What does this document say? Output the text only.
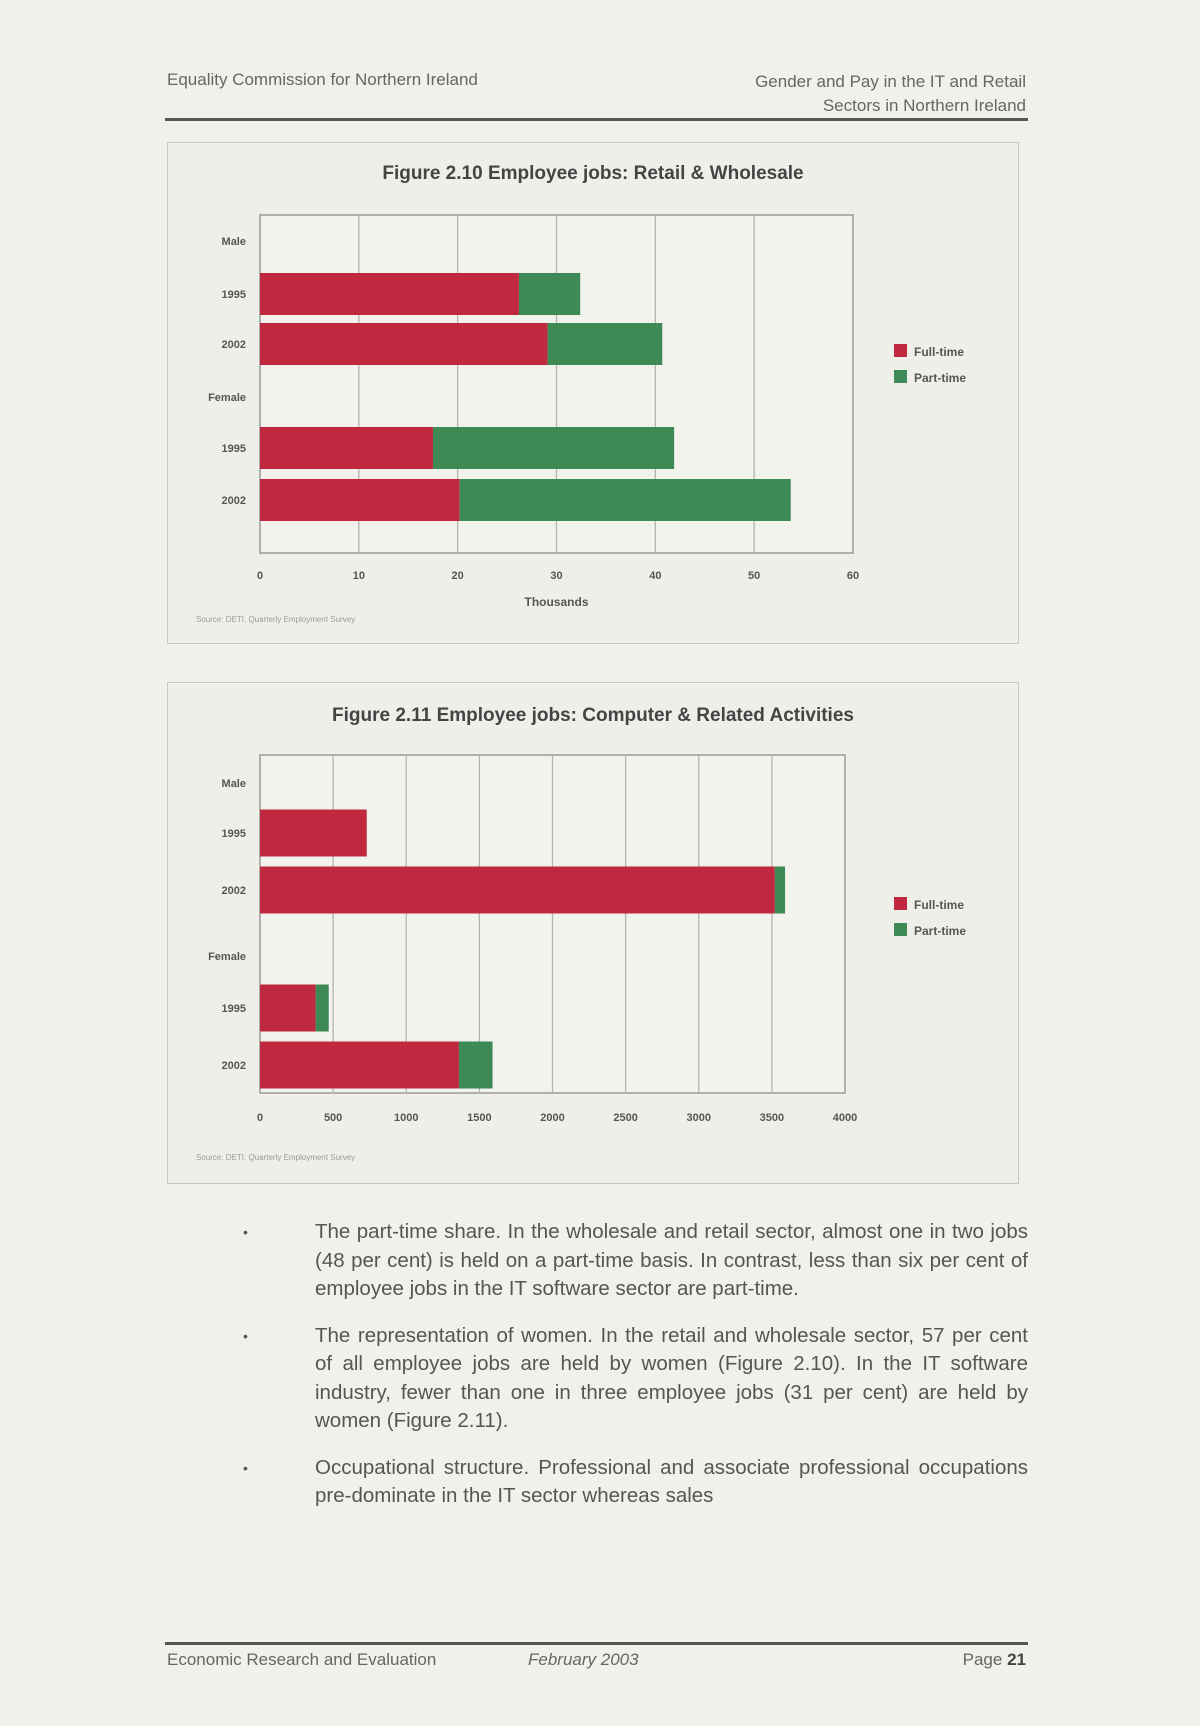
Equality Commission for Northern Ireland	Gender and Pay in the IT and Retail
Sectors in Northern Ireland
Figure 2.10 Employee jobs: Retail & Wholesale
0	10	20	30	40	50	60
Male
Female
1995
2002
1995
2002
Thousands
Full-time
Part-time
Source: DETI, Quarterly Employment Survey
Figure 2.11 Employee jobs: Computer & Related Activities
0	500	1000	1500	2000	2500	3000	3500	4000
Male
Female
1995
2002
1995
2002
Full-time
Part-time
Source: DETI, Quarterly Employment Survey
•	The part-time share. In the wholesale and retail sector, almost one in two jobs (48 per cent) is held on a part-time basis. In contrast, less than six per cent of employee jobs in the IT software sector are part-time.
•	The representation of women. In the retail and wholesale sector, 57 per cent of all employee jobs are held by women (Figure 2.10). In the IT software industry, fewer than one in three employee jobs (31 per cent) are held by women (Figure 2.11).
•	Occupational structure. Professional and associate professional occupations pre-dominate in the IT sector whereas sales
Economic Research and Evaluation	February 2003	Page 21
